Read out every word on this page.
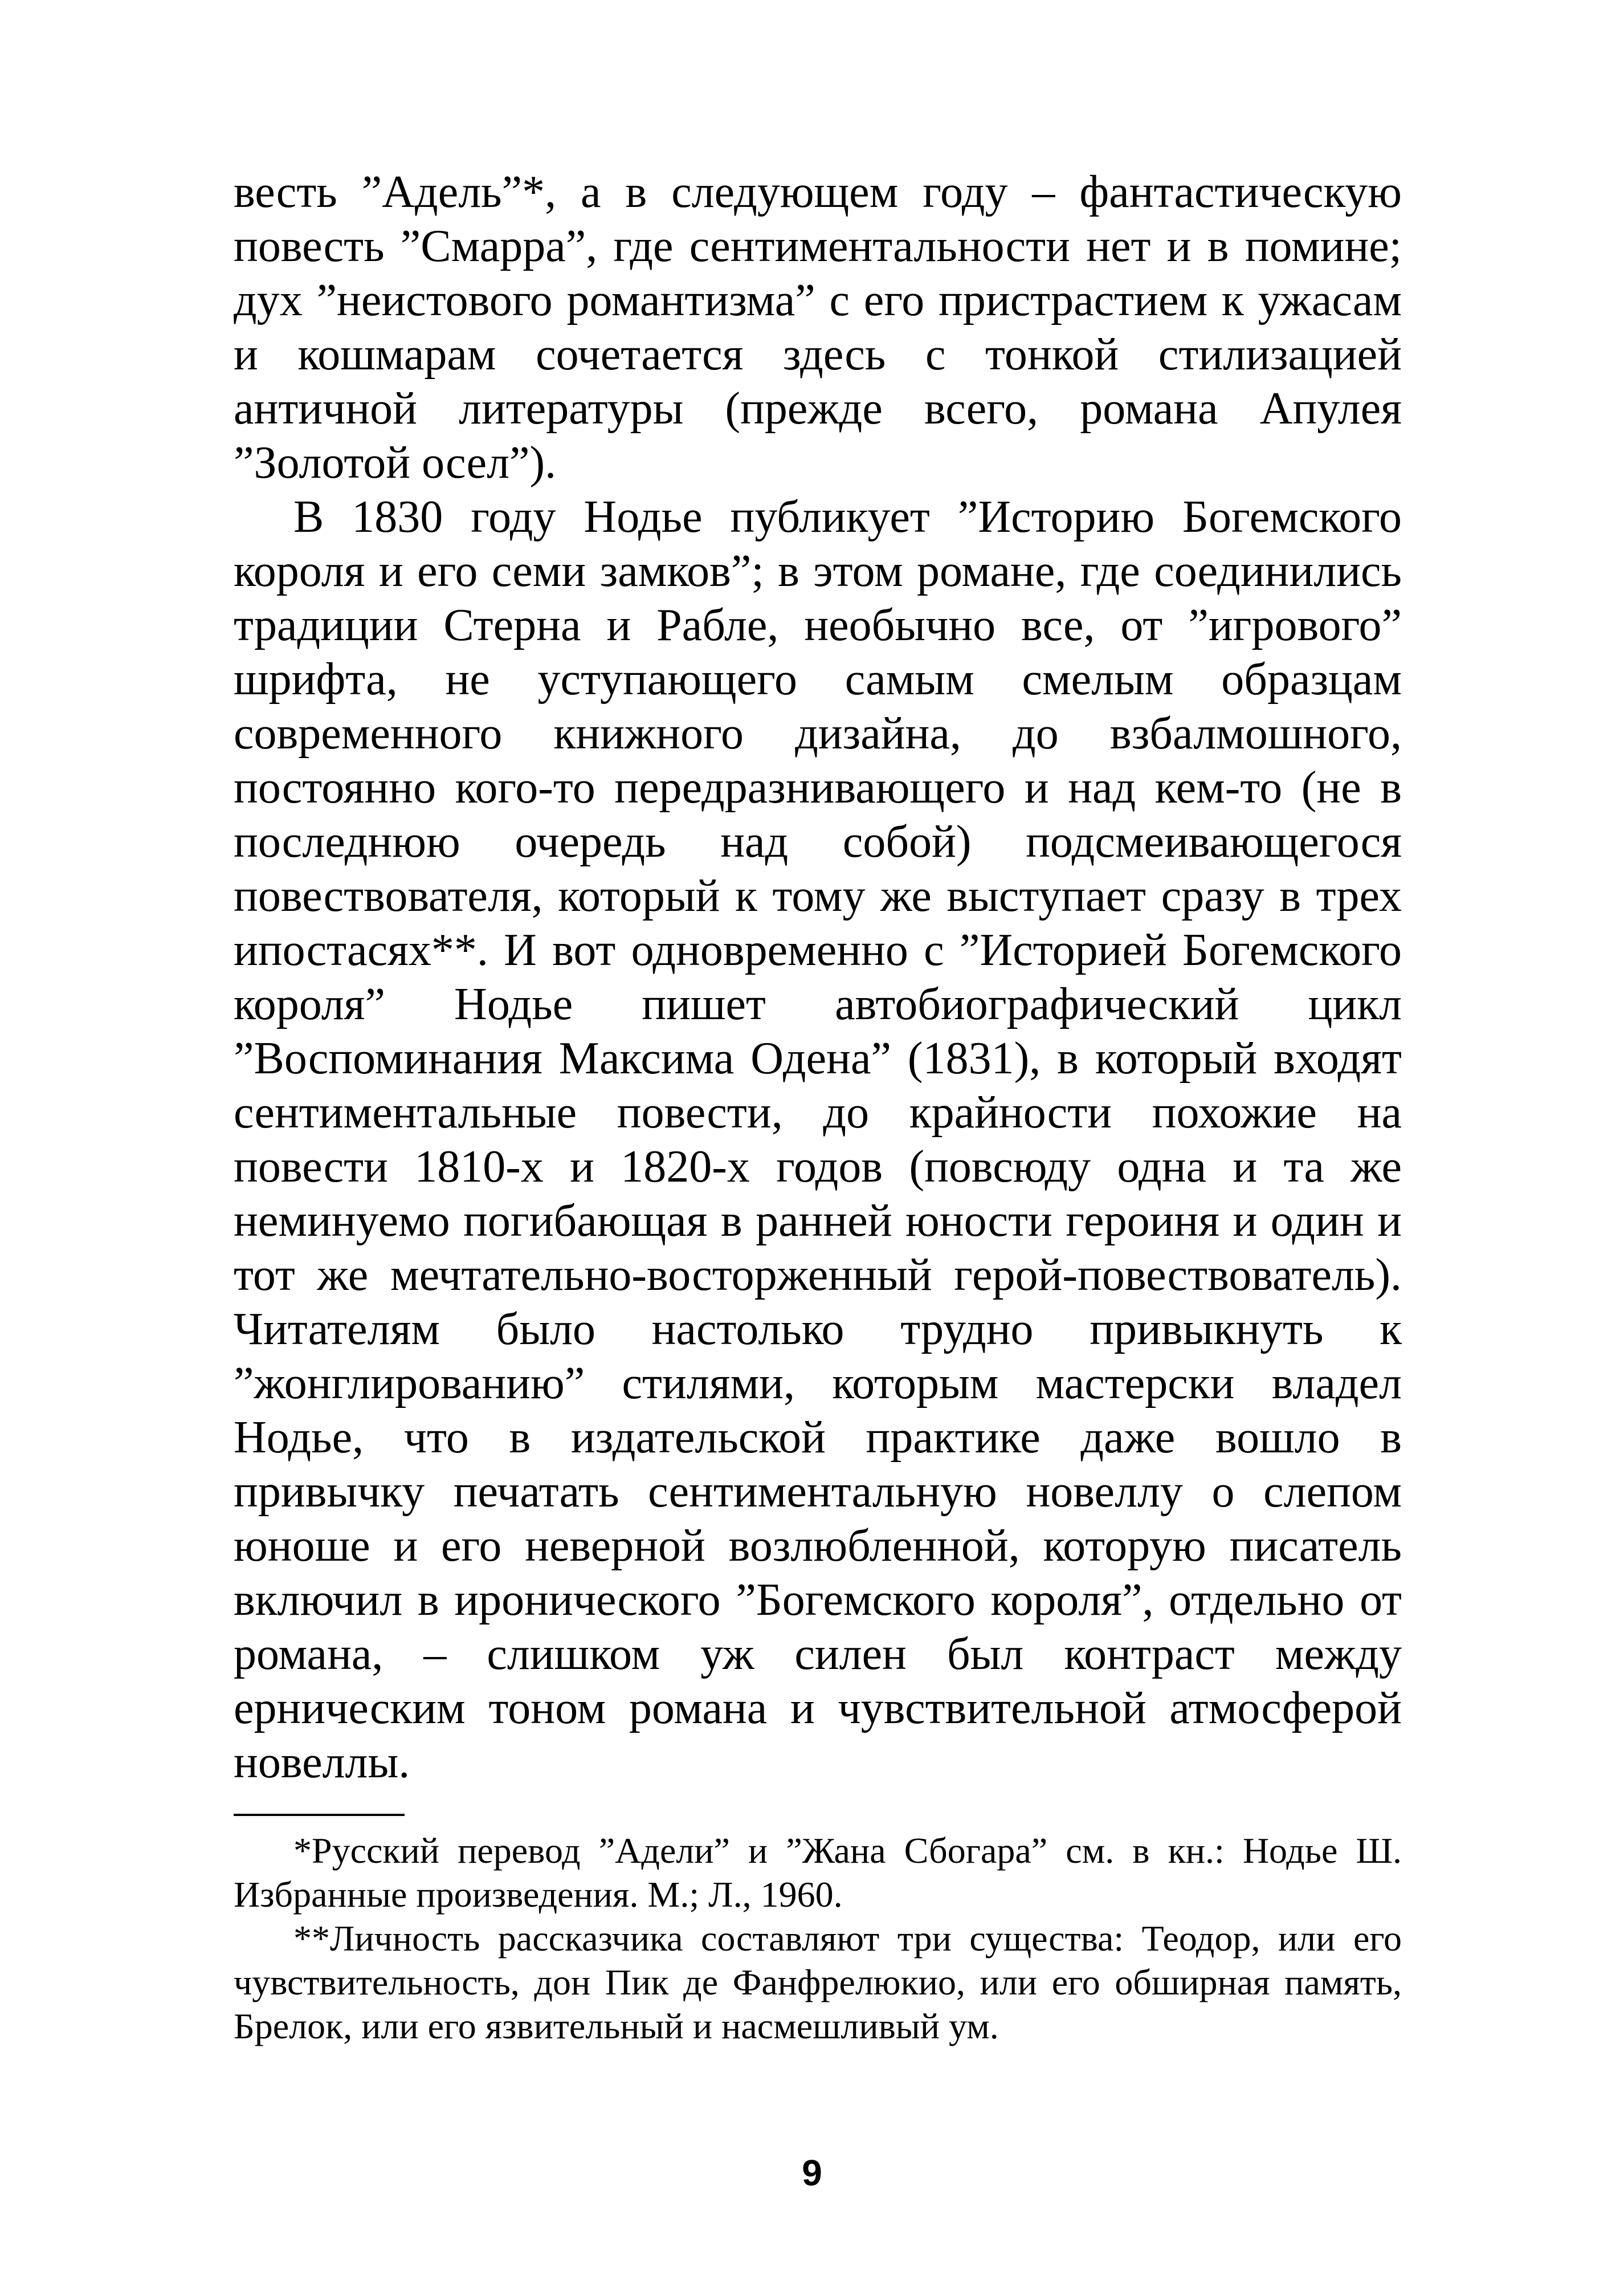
весть ”Адель”*, а в следующем году – фантастическую повесть ”Смарра”, где сентиментальности нет и в помине; дух ”неистового романтизма” с его пристрастием к ужасам и кошмарам сочетается здесь с тонкой стилизацией античной литературы (прежде всего, романа Апулея ”Золотой осел”).

В 1830 году Нодье публикует ”Историю Богемского короля и его семи замков”; в этом романе, где соединились традиции Стерна и Рабле, необычно все, от ”игрового” шрифта, не уступающего самым смелым образцам современного книжного дизайна, до взбалмошного, постоянно кого-то передразнивающего и над кем-то (не в последнюю очередь над собой) подсмеивающегося повествователя, который к тому же выступает сразу в трех ипостасях**. И вот одновременно с ”Историей Богемского короля” Нодье пишет автобиографический цикл ”Воспоминания Максима Одена” (1831), в который входят сентиментальные повести, до крайности похожие на повести 1810-х и 1820-х годов (повсюду одна и та же неминуемо погибающая в ранней юности героиня и один и тот же мечтательно-восторженный герой-повествователь). Читателям было настолько трудно привыкнуть к ”жонглированию” стилями, которым мастерски владел Нодье, что в издательской практике даже вошло в привычку печатать сентиментальную новеллу о слепом юноше и его неверной возлюбленной, которую писатель включил в иронического ”Богемского короля”, отдельно от романа, – слишком уж силен был контраст между ерническим тоном романа и чувствительной атмосферой новеллы.

*Русский перевод ”Адели” и ”Жана Сбогара” см. в кн.: Нодье Ш. Избранные произведения. М.; Л., 1960.

**Личность рассказчика составляют три существа: Теодор, или его чувствительность, дон Пик де Фанфрелюкио, или его обширная память, Брелок, или его язвительный и насмешливый ум.

9
